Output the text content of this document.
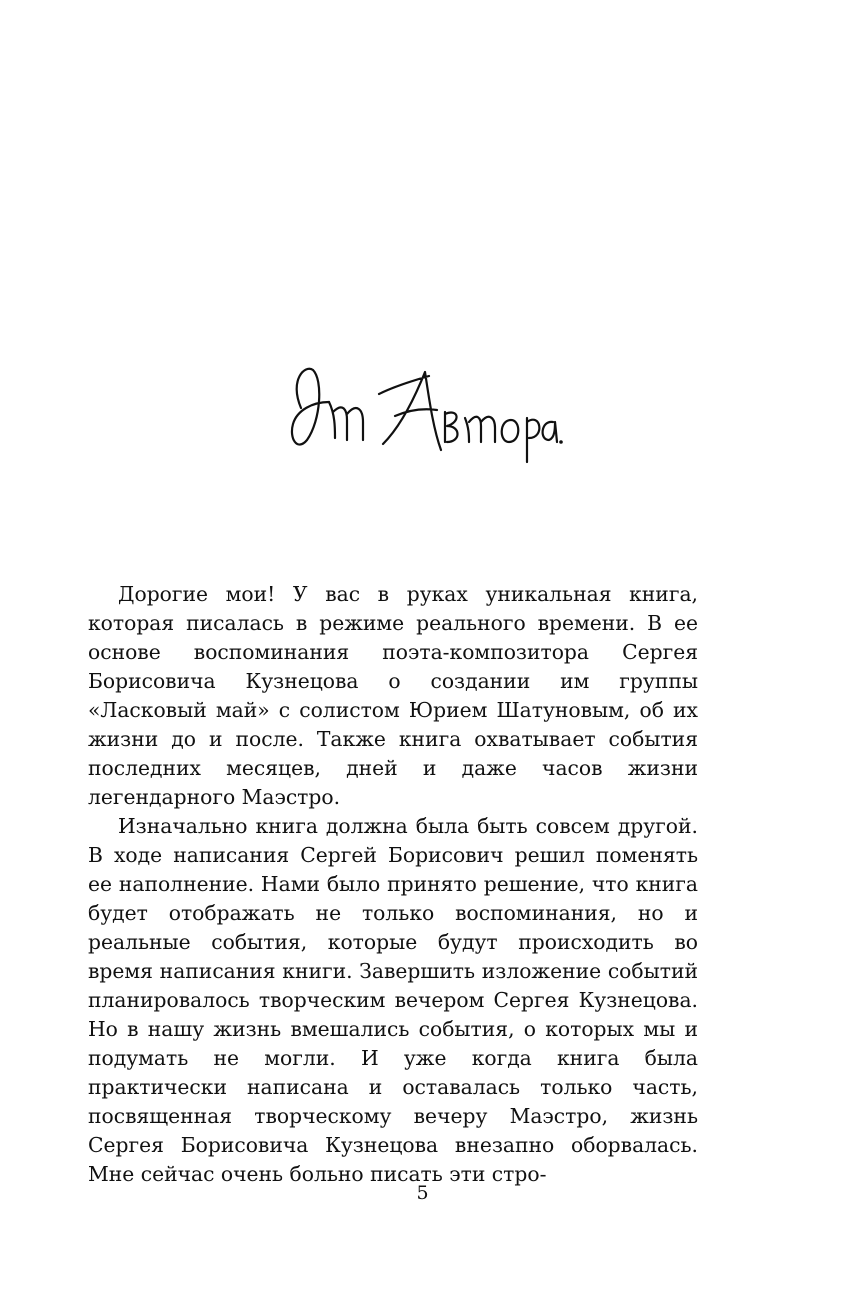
Дорогие мои! У вас в руках уникальная книга, которая писалась в режиме реального времени. В ее основе воспоминания поэта-композитора Сергея Борисовича Кузнецова о создании им группы «Ласковый май» с солистом Юрием Шатуновым, об их жизни до и после. Также книга охватывает события последних месяцев, дней и даже часов жизни легендарного Маэстро.

Изначально книга должна была быть совсем другой. В ходе написания Сергей Борисович решил поменять ее наполнение. Нами было принято решение, что книга будет отображать не только воспоминания, но и реальные события, которые будут происходить во время написания книги. Завершить изложение событий планировалось творческим вечером Сергея Кузнецова. Но в нашу жизнь вмешались события, о которых мы и подумать не могли. И уже когда книга была практически написана и оставалась только часть, посвященная творческому вечеру Маэстро, жизнь Сергея Борисовича Кузнецова внезапно оборвалась. Мне сейчас очень больно писать эти стро-

5
